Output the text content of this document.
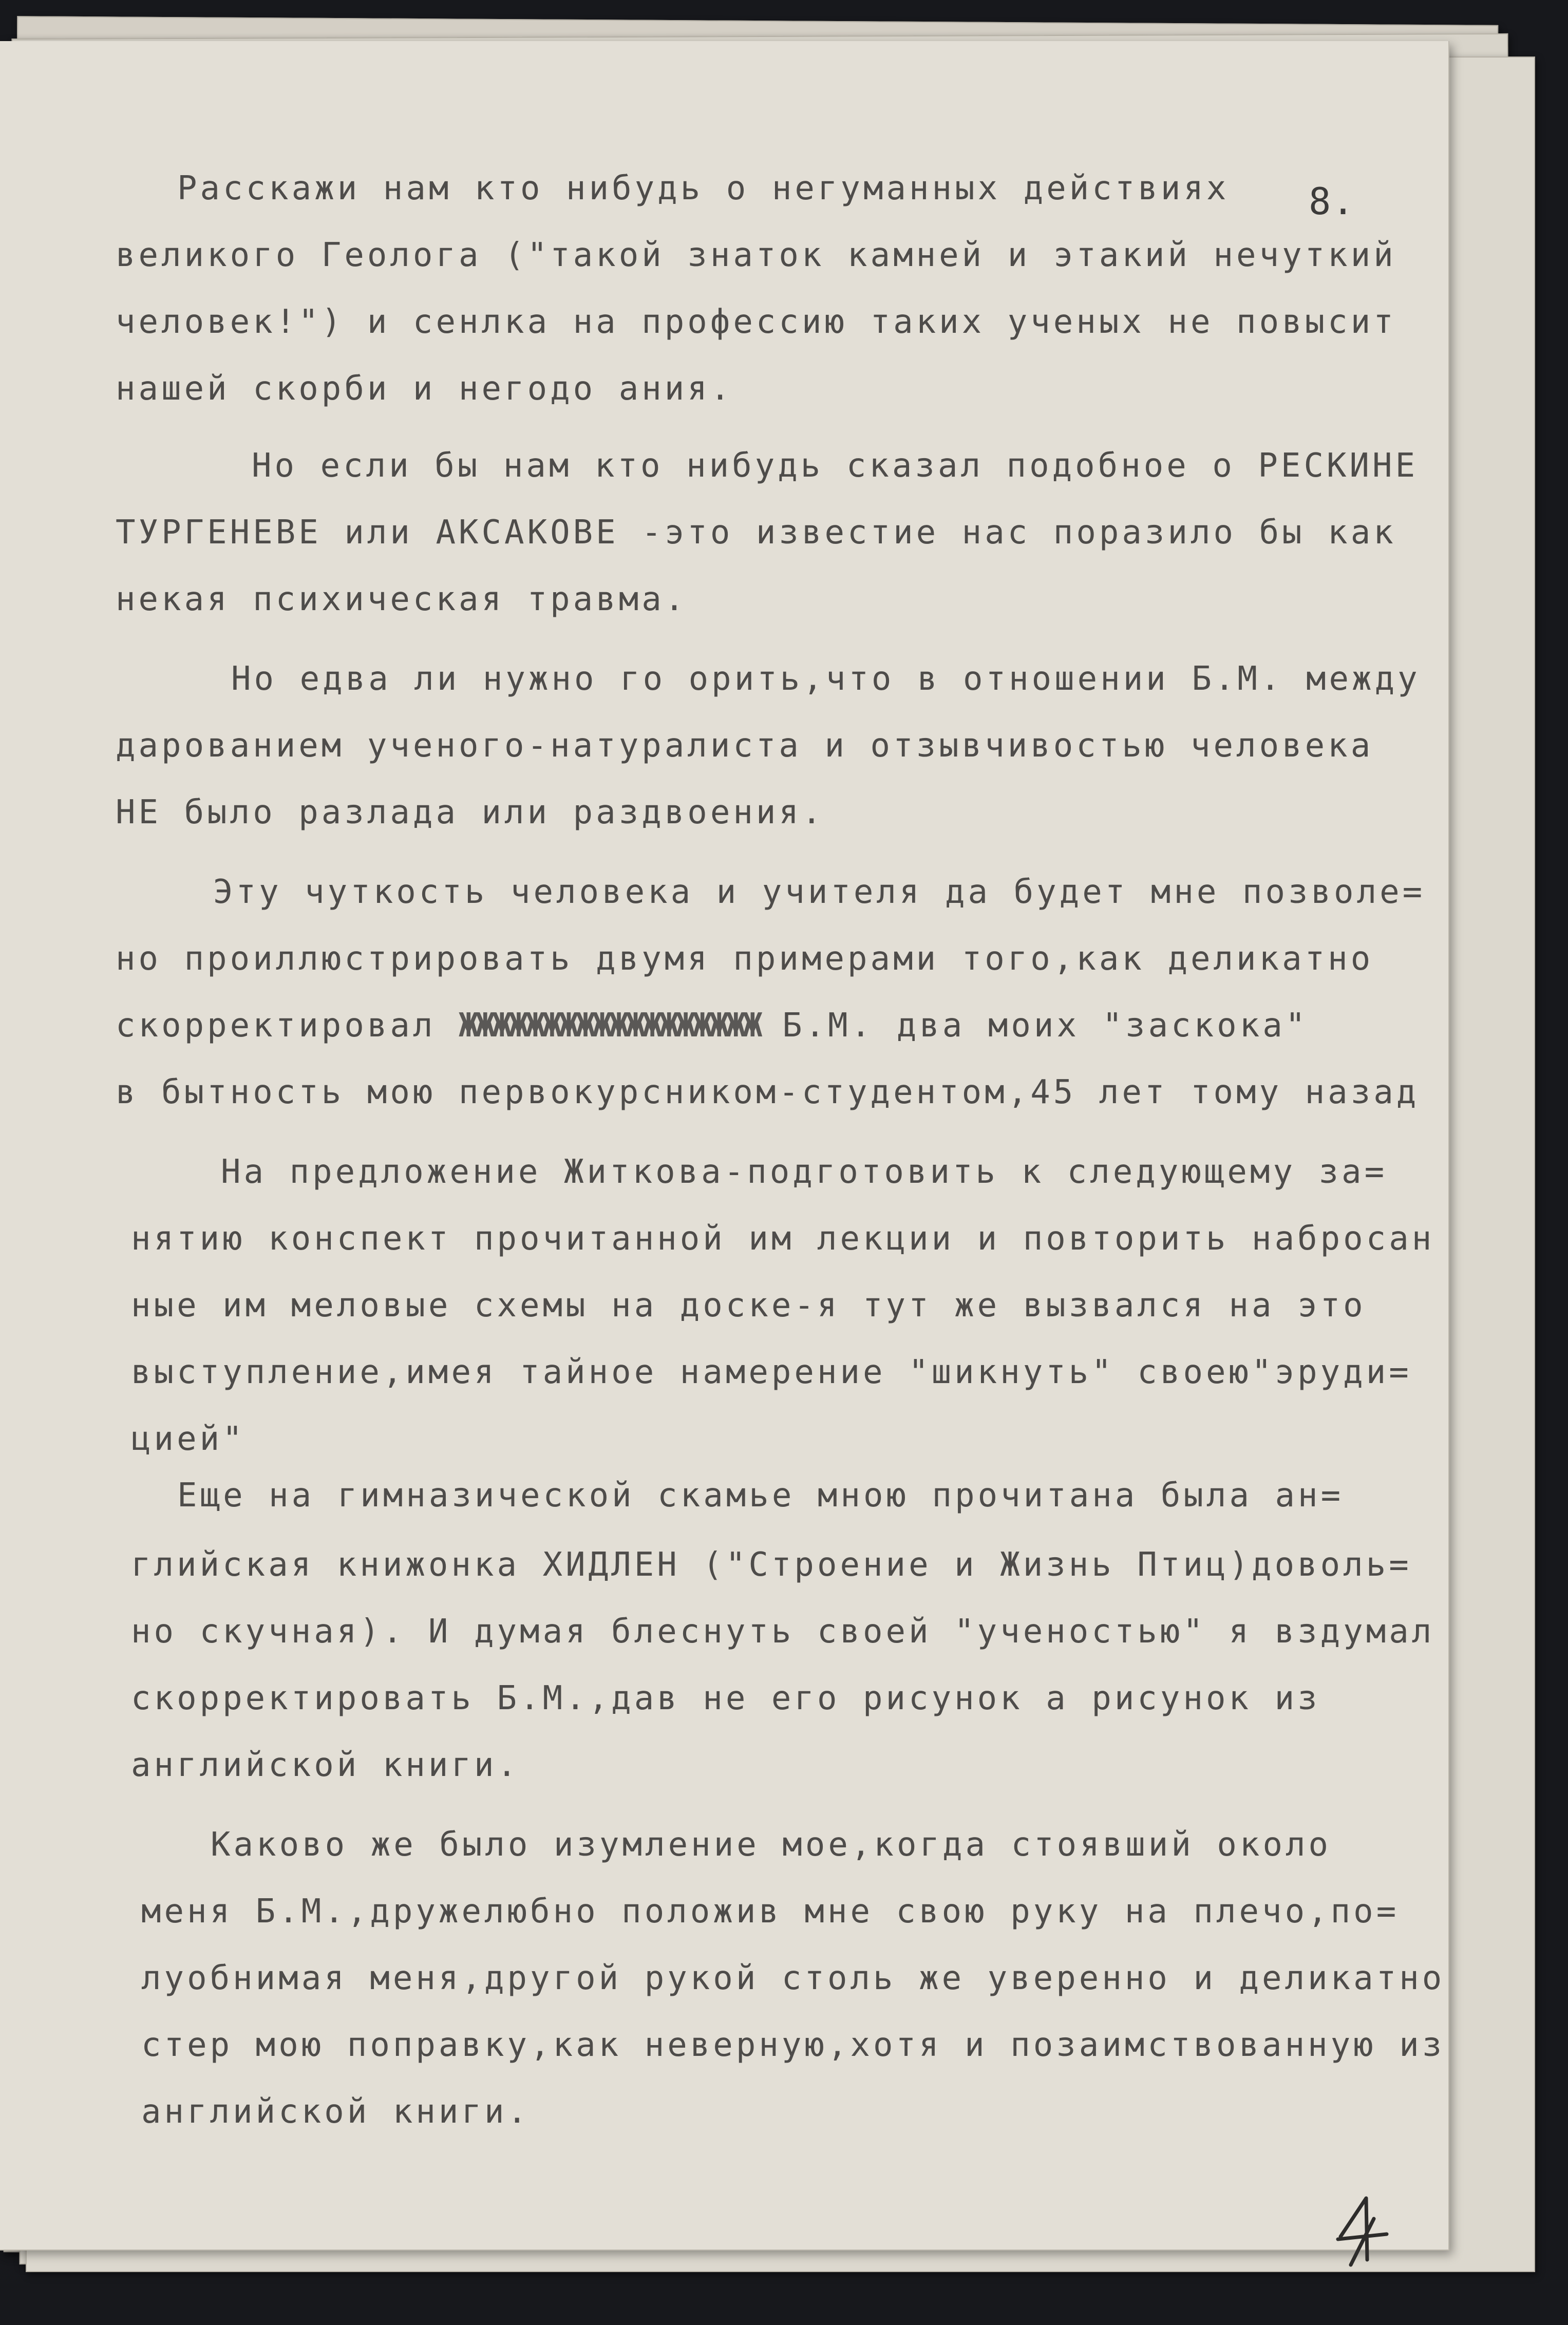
8.

Расскажи нам кто нибудь о негуманных действиях

великого Геолога ("такой знаток камней и этакий нечуткий

человек!") и сенлка на профессию таких ученых не повысит

нашей скорби и негодо ания.

Но если бы нам кто нибудь сказал подобное о РЕСКИНЕ

ТУРГЕНЕВЕ или АКСАКОВЕ -это известие нас поразило бы как

некая психическая травма.

Но едва ли нужно го орить,что в отношении Б.М. между

дарованием ученого-натуралиста и отзывчивостью человека

НЕ было разлада или раздвоения.

Эту чуткость человека и учителя да будет мне позволе=

но проиллюстрировать двумя примерами того,как деликатно

скорректировал ЖЖЖЖЖЖЖЖЖЖЖЖЖЖЖЖЖЖ Б.М. два моих "заскока"

в бытность мою первокурсником-студентом,45 лет тому назад

На предложение Житкова-подготовить к следующему за=

нятию конспект прочитанной им лекции и повторить набросан

ные им меловые схемы на доске-я тут же вызвался на это

выступление,имея тайное намерение "шикнуть" своею"эруди=

цией"

Еще на гимназической скамье мною прочитана была ан=

глийская книжонка ХИДЛЕН ("Строение и Жизнь Птиц)доволь=

но скучная). И думая блеснуть своей "ученостью" я вздумал

скорректировать Б.М.,дав не его рисунок а рисунок из

английской книги.

Каково же было изумление мое,когда стоявший около

меня Б.М.,дружелюбно положив мне свою руку на плечо,по=

луобнимая меня,другой рукой столь же уверенно и деликатно

стер мою поправку,как неверную,хотя и позаимствованную из

английской книги.
